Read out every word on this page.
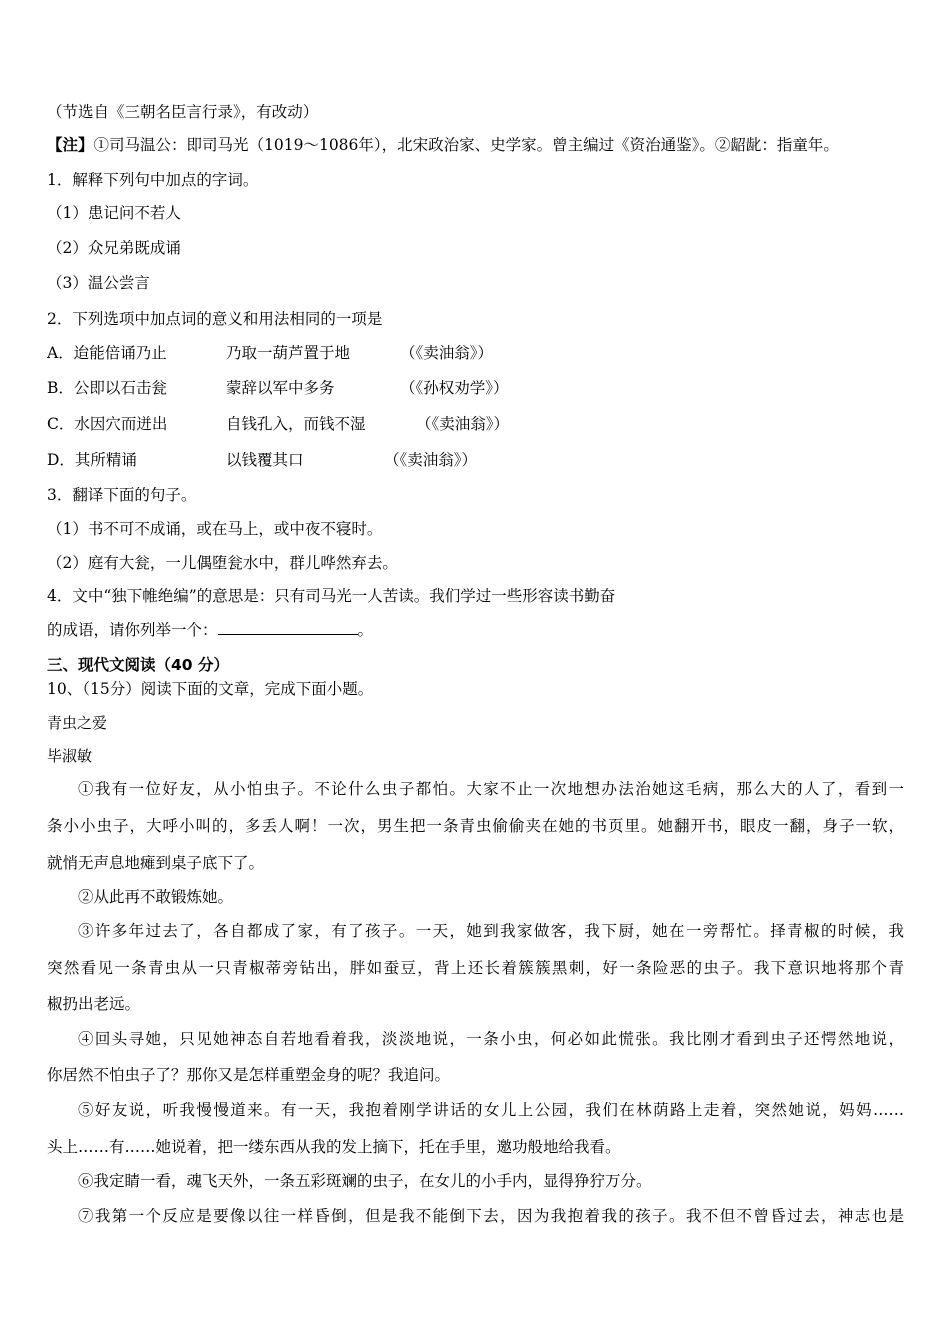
（节选自《三朝名臣言行录》，有改动）
【注】①司马温公：即司马光（1019～1086年），北宋政治家、史学家。曾主编过《资治通鉴》。②龆龀：指童年。
1．解释下列句中加点的字词。
（1）患记问不若人
（2）众兄弟既成诵
（3）温公尝言
2．下列选项中加点词的意义和用法相同的一项是
A．迨能倍诵乃止	乃取一葫芦置于地	（《卖油翁》）
B．公即以石击瓮	蒙辞以军中多务	（《孙权劝学》）
C．水因穴而迸出	自钱孔入，而钱不湿	（《卖油翁》）
D．其所精诵	以钱覆其口	（《卖油翁》）
3．翻译下面的句子。
（1）书不可不成诵，或在马上，或中夜不寝时。
（2）庭有大瓮，一儿偶堕瓮水中，群儿哗然弃去。
4．文中“独下帷绝编”的意思是：只有司马光一人苦读。我们学过一些形容读书勤奋
的成语，请你列举一个：	。
三、现代文阅读（40 分）
10、（15分）阅读下面的文章，完成下面小题。
青虫之爱
毕淑敏
①我有一位好友，从小怕虫子。不论什么虫子都怕。大家不止一次地想办法治她这毛病，那么大的人了，看到一
条小小虫子，大呼小叫的，多丢人啊！一次，男生把一条青虫偷偷夹在她的书页里。她翻开书，眼皮一翻，身子一软，
就悄无声息地瘫到桌子底下了。
②从此再不敢锻炼她。
③许多年过去了，各自都成了家，有了孩子。一天，她到我家做客，我下厨，她在一旁帮忙。择青椒的时候，我
突然看见一条青虫从一只青椒蒂旁钻出，胖如蚕豆，背上还长着簇簇黑刺，好一条险恶的虫子。我下意识地将那个青
椒扔出老远。
④回头寻她，只见她神态自若地看着我，淡淡地说，一条小虫，何必如此慌张。我比刚才看到虫子还愕然地说，
你居然不怕虫子了？那你又是怎样重塑金身的呢？我追问。
⑤好友说，听我慢慢道来。有一天，我抱着刚学讲话的女儿上公园，我们在林荫路上走着，突然她说，妈妈……
头上……有……她说着，把一缕东西从我的发上摘下，托在手里，邀功般地给我看。
⑥我定睛一看，魂飞天外，一条五彩斑斓的虫子，在女儿的小手内，显得狰狞万分。
⑦我第一个反应是要像以往一样昏倒，但是我不能倒下去，因为我抱着我的孩子。我不但不曾昏过去，神志也是
